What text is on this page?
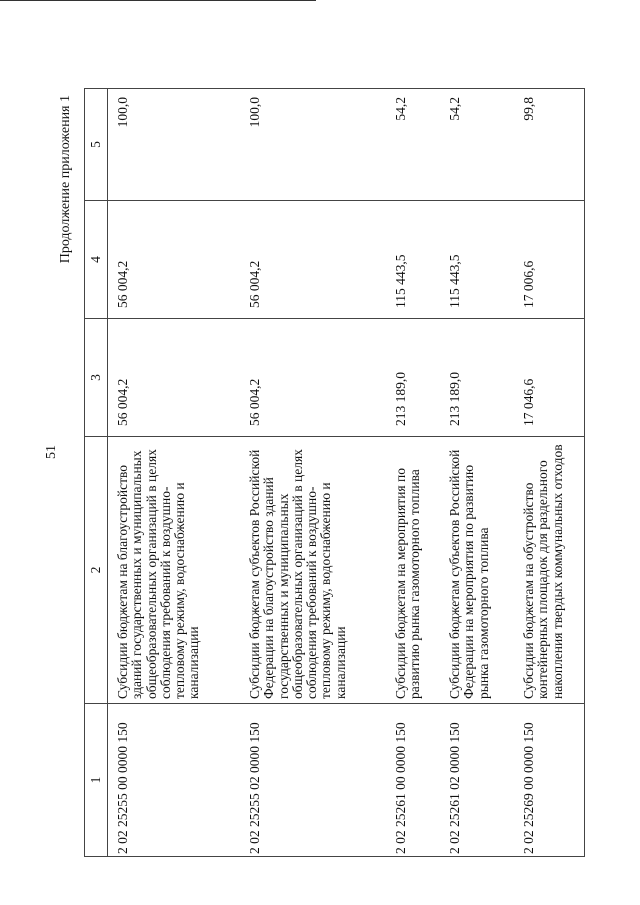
51
Продолжение приложения 1
1	2	3	4	5
2 02 25255 00 0000 150	Субсидии бюджетам на благоустройство зданий государственных и муниципальных общеобразовательных организаций в целях соблюдения требований к воздушно-тепловому режиму, водоснабжению и канализации	56 004,2	56 004,2	100,0
2 02 25255 02 0000 150	Субсидии бюджетам субъектов Российской Федерации на благоустройство зданий государственных и муниципальных общеобразовательных организаций в целях соблюдения требований к воздушно-тепловому режиму, водоснабжению и канализации	56 004,2	56 004,2	100,0
2 02 25261 00 0000 150	Субсидии бюджетам на мероприятия по развитию рынка газомоторного топлива	213 189,0	115 443,5	54,2
2 02 25261 02 0000 150	Субсидии бюджетам субъектов Российской Федерации на мероприятия по развитию рынка газомоторного топлива	213 189,0	115 443,5	54,2
2 02 25269 00 0000 150	Субсидии бюджетам на обустройство контейнерных площадок для раздельного накопления твердых коммунальных отходов	17 046,6	17 006,6	99,8
